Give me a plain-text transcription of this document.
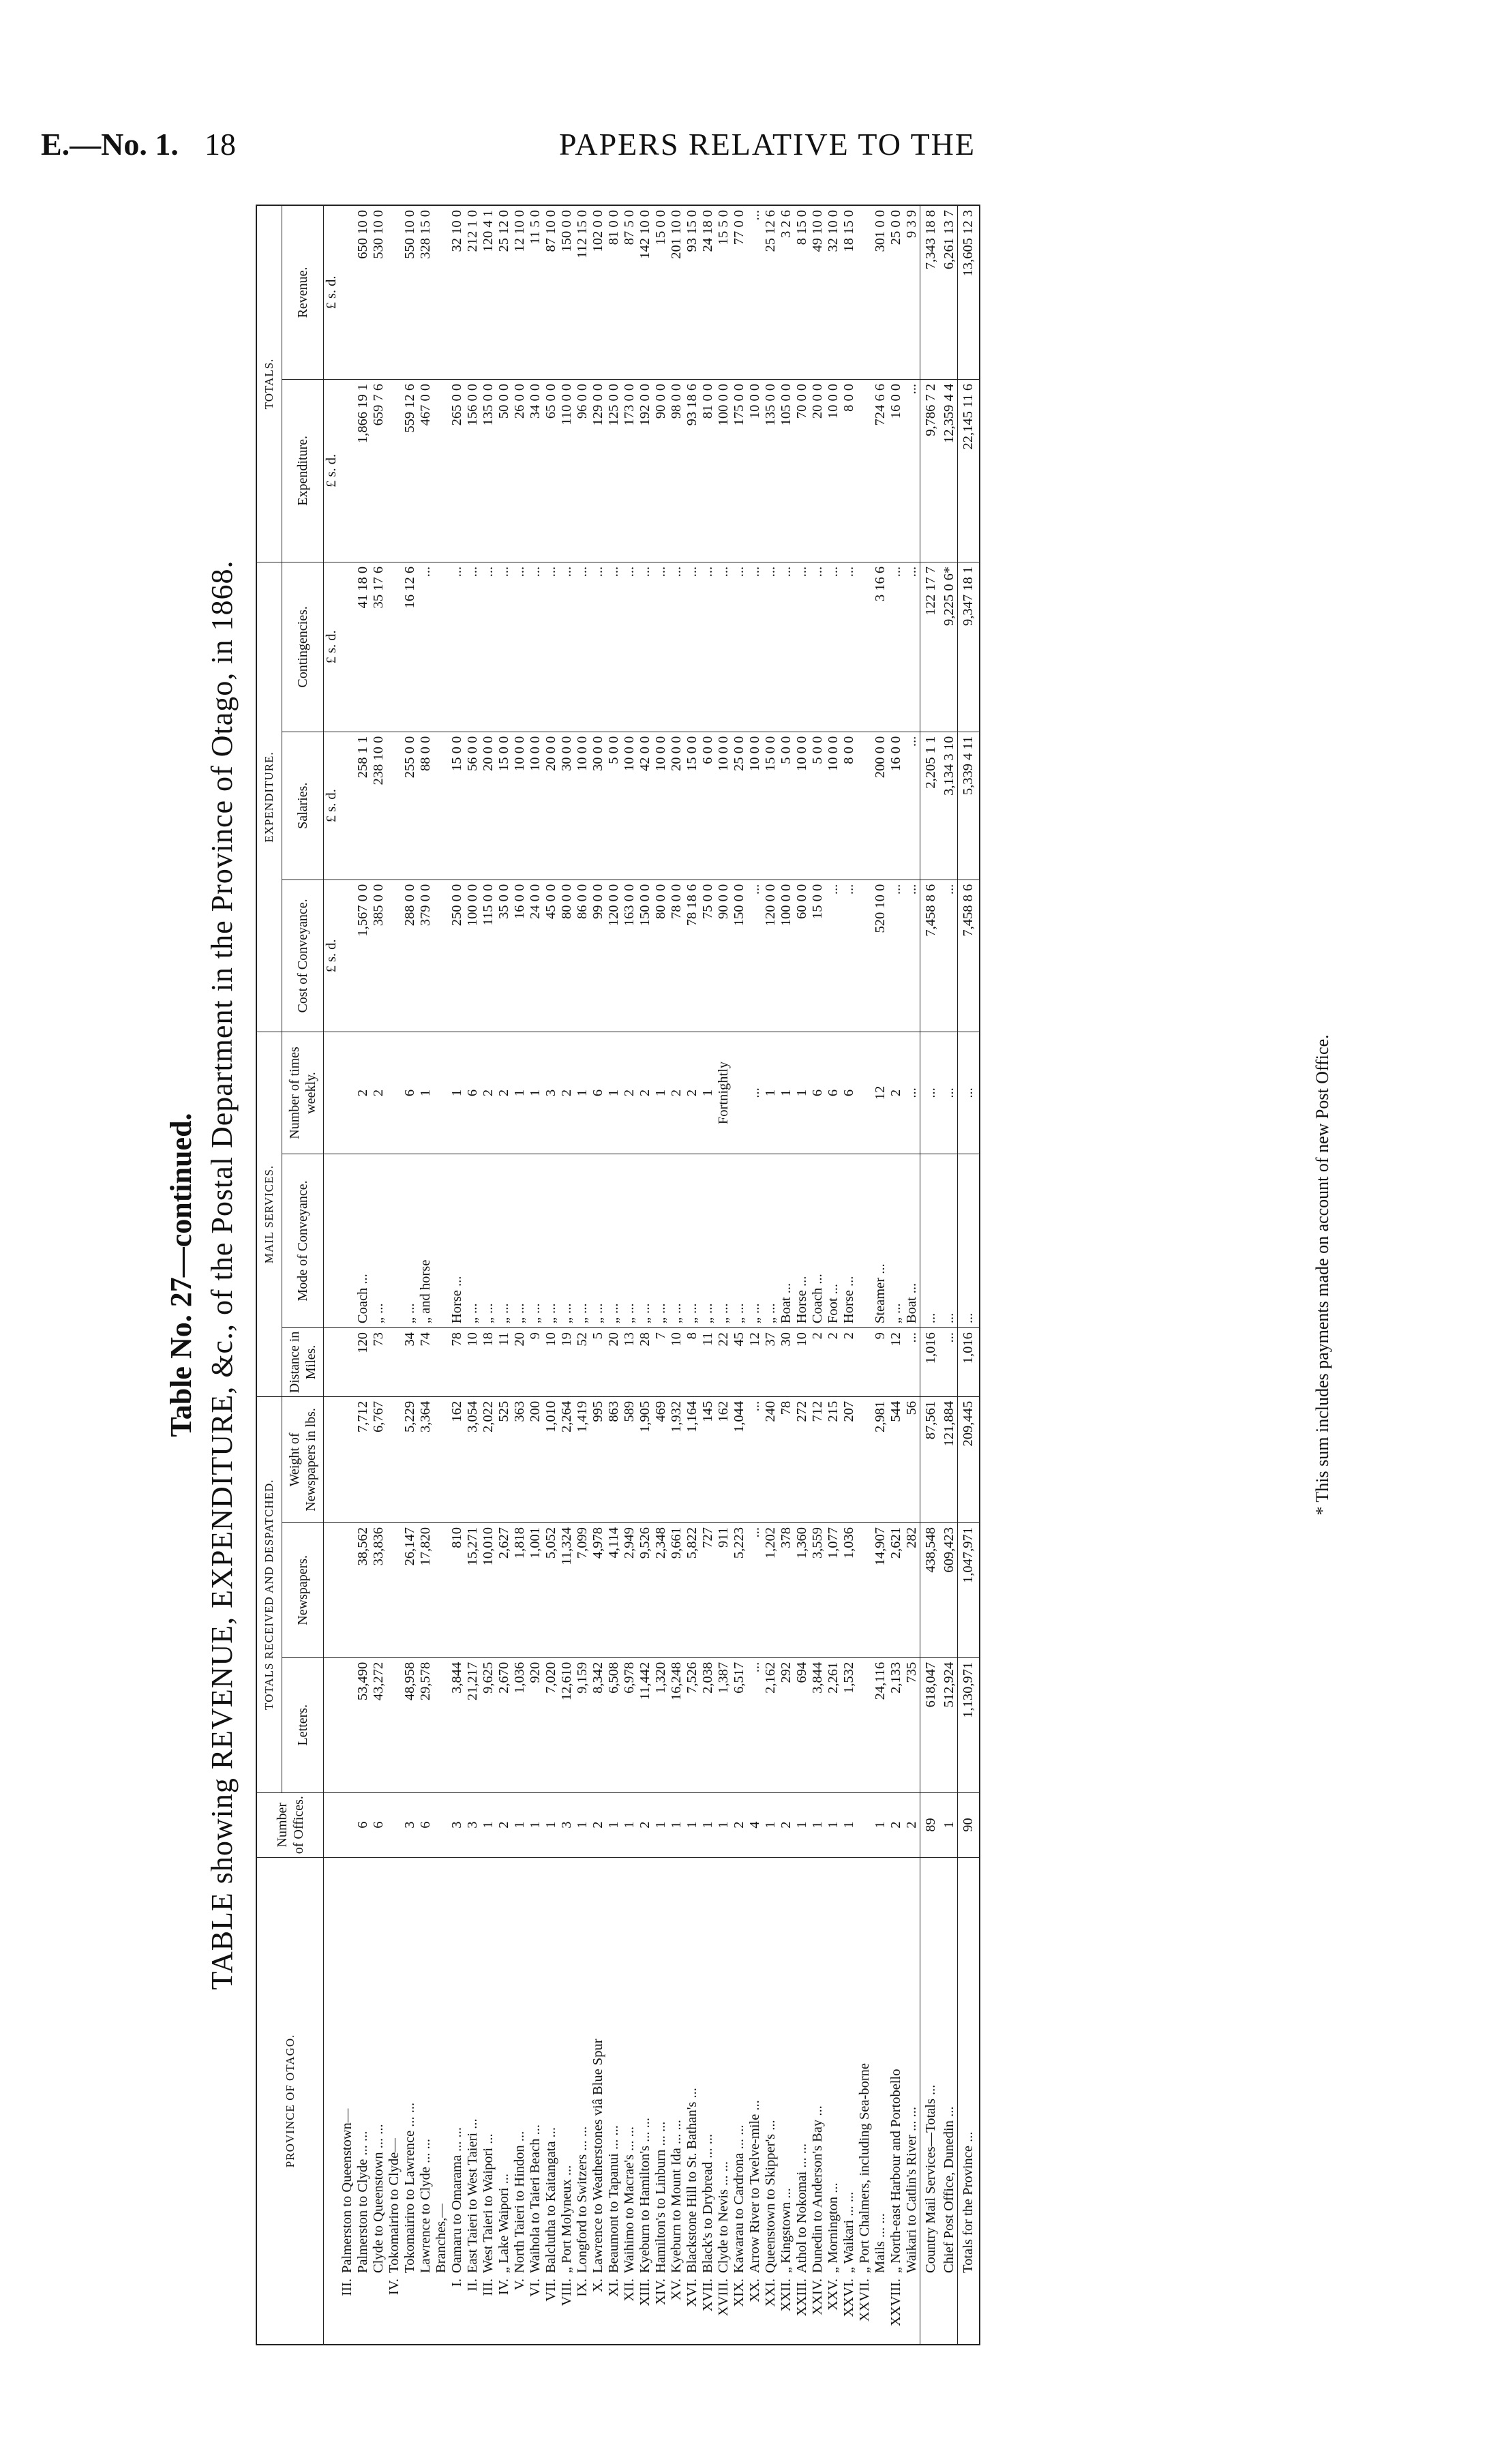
E.—No. 1. 18	PAPERS RELATIVE TO THE
Table No. 27—continued. TABLE showing REVENUE, EXPENDITURE, &c., of the Postal Department in the Province of Otago, in 1868.
PROVINCE OF OTAGO.	Number of Offices.	TOTALS RECEIVED AND DESPATCHED.			MAIL SERVICES.			EXPENDITURE.			TOTALS.	
		Letters.	Newspapers.	Weight of Newspapers in lbs.	Distance in Miles.	Mode of Conveyance.	Number of times weekly.	Cost of Conveyance.	Salaries.	Contingencies.	Expenditure.	Revenue.
								£ s. d.	£ s. d.	£ s. d.	£ s. d.	£ s. d.
III.Palmerston to Queenstown—												
Palmerston to Clyde ... ...	6	53,490	38,562	7,712	120	Coach ...	2	1,567 0 0	258 1 1	41 18 0	1,866 19 1	650 10 0
Clyde to Queenstown ... ...	6	43,272	33,836	6,767	73	„ ...	2	385 0 0	238 10 0	35 17 6	659 7 6	530 10 0
IV.Tokomairiro to Clyde—												
Tokomairiro to Lawrence ... ...	3	48,958	26,147	5,229	34	„ ...	6	288 0 0	255 0 0	16 12 6	559 12 6	550 10 0
Lawrence to Clyde ... ...	6	29,578	17,820	3,364	74	„ and horse	1	379 0 0	88 0 0	...	467 0 0	328 15 0
Branches,—												
I.Oamaru to Omarama ... ...	3	3,844	810	162	78	Horse ...	1	250 0 0	15 0 0	...	265 0 0	32 10 0
II.East Taieri to West Taieri ...	3	21,217	15,271	3,054	10	„ ...	6	100 0 0	56 0 0	...	156 0 0	212 1 0
III.West Taieri to Waipori ...	1	9,625	10,010	2,022	18	„ ...	2	115 0 0	20 0 0	...	135 0 0	120 4 1
IV.„ Lake Waipori ...	2	2,670	2,627	525	11	„ ...	2	35 0 0	15 0 0	...	50 0 0	25 12 0
V.North Taieri to Hindon ...	1	1,036	1,818	363	20	„ ...	1	16 0 0	10 0 0	...	26 0 0	12 10 0
VI.Waihola to Taieri Beach ...	1	920	1,001	200	9	„ ...	1	24 0 0	10 0 0	...	34 0 0	11 5 0
VII.Balclutha to Kaitangata ...	1	7,020	5,052	1,010	10	„ ...	3	45 0 0	20 0 0	...	65 0 0	87 10 0
VIII.„ Port Molyneux ...	3	12,610	11,324	2,264	19	„ ...	2	80 0 0	30 0 0	...	110 0 0	150 0 0
IX.Longford to Switzers ... ...	1	9,159	7,099	1,419	52	„ ...	1	86 0 0	10 0 0	...	96 0 0	112 15 0
X.Lawrence to Weatherstones viâ Blue Spur	2	8,342	4,978	995	5	„ ...	6	99 0 0	30 0 0	...	129 0 0	102 0 0
XI.Beaumont to Tapanui ... ...	1	6,508	4,114	863	20	„ ...	1	120 0 0	5 0 0	...	125 0 0	81 0 0
XII.Waihimo to Macrae's ... ...	1	6,978	2,949	589	13	„ ...	2	163 0 0	10 0 0	...	173 0 0	87 5 0
XIII.Kyeburn to Hamilton's ... ...	2	11,442	9,526	1,905	28	„ ...	2	150 0 0	42 0 0	...	192 0 0	142 10 0
XIV.Hamilton's to Linburn ... ...	1	1,320	2,348	469	7	„ ...	1	80 0 0	10 0 0	...	90 0 0	15 0 0
XV.Kyeburn to Mount Ida ... ...	1	16,248	9,661	1,932	10	„ ...	2	78 0 0	20 0 0	...	98 0 0	201 10 0
XVI.Blackstone Hill to St. Bathan's ...	1	7,526	5,822	1,164	8	„ ...	2	78 18 6	15 0 0	...	93 18 6	93 15 0
XVII.Black's to Drybread ... ...	1	2,038	727	145	11	„ ...	1	75 0 0	6 0 0	...	81 0 0	24 18 0
XVIII.Clyde to Nevis ... ...	1	1,387	911	162	22	„ ...	Fortnightly	90 0 0	10 0 0	...	100 0 0	15 5 0
XIX.Kawarau to Cardrona ... ...	2	6,517	5,223	1,044	45	„ ...		150 0 0	25 0 0	...	175 0 0	77 0 0
XX.Arrow River to Twelve-mile ...	4	...	...	...	12	„ ...	...	...	10 0 0	...	10 0 0	...
XXI.Queenstown to Skipper's ...	1	2,162	1,202	240	37	„ ...	1	120 0 0	15 0 0	...	135 0 0	25 12 6
XXII.„ Kingstown ...	2	292	378	78	30	Boat ...	1	100 0 0	5 0 0	...	105 0 0	3 2 6
XXIII.Athol to Nokomai ... ...	1	694	1,360	272	10	Horse ...	1	60 0 0	10 0 0	...	70 0 0	8 15 0
XXIV.Dunedin to Anderson's Bay ...	1	3,844	3,559	712	2	Coach ...	6	15 0 0	5 0 0	...	20 0 0	49 10 0
XXV.„ Mornington ...	1	2,261	1,077	215	2	Foot ...	6	...	10 0 0	...	10 0 0	32 10 0
XXVI.„ Waikari ... ...	1	1,532	1,036	207	2	Horse ...	6	...	8 0 0	...	8 0 0	18 15 0
XXVII.„ Port Chalmers, including Sea-borne												
Mails ... ...	1	24,116	14,907	2,981	9	Steamer ...	12	520 10 0	200 0 0	3 16 6	724 6 6	301 0 0
XXVIII.„ North-east Harbour and Portobello	2	2,133	2,621	544	12	„ ...	2	...	16 0 0	...	16 0 0	25 0 0
Waikari to Catlin's River ... ...	2	735	282	56	...	Boat ...	...	...	...	...	...	9 3 9
Country Mail Services—Totals ...	89	618,047	438,548	87,561	1,016	...	...	7,458 8 6	2,205 1 1	122 17 7	9,786 7 2	7,343 18 8
Chief Post Office, Dunedin ...	1	512,924	609,423	121,884	...	...	...	...	3,134 3 10	9,225 0 6*	12,359 4 4	6,261 13 7
Totals for the Province ...	90	1,130,971	1,047,971	209,445	1,016	...	...	7,458 8 6	5,339 4 11	9,347 18 1	22,145 11 6	13,605 12 3
* This sum includes payments made on account of new Post Office.
